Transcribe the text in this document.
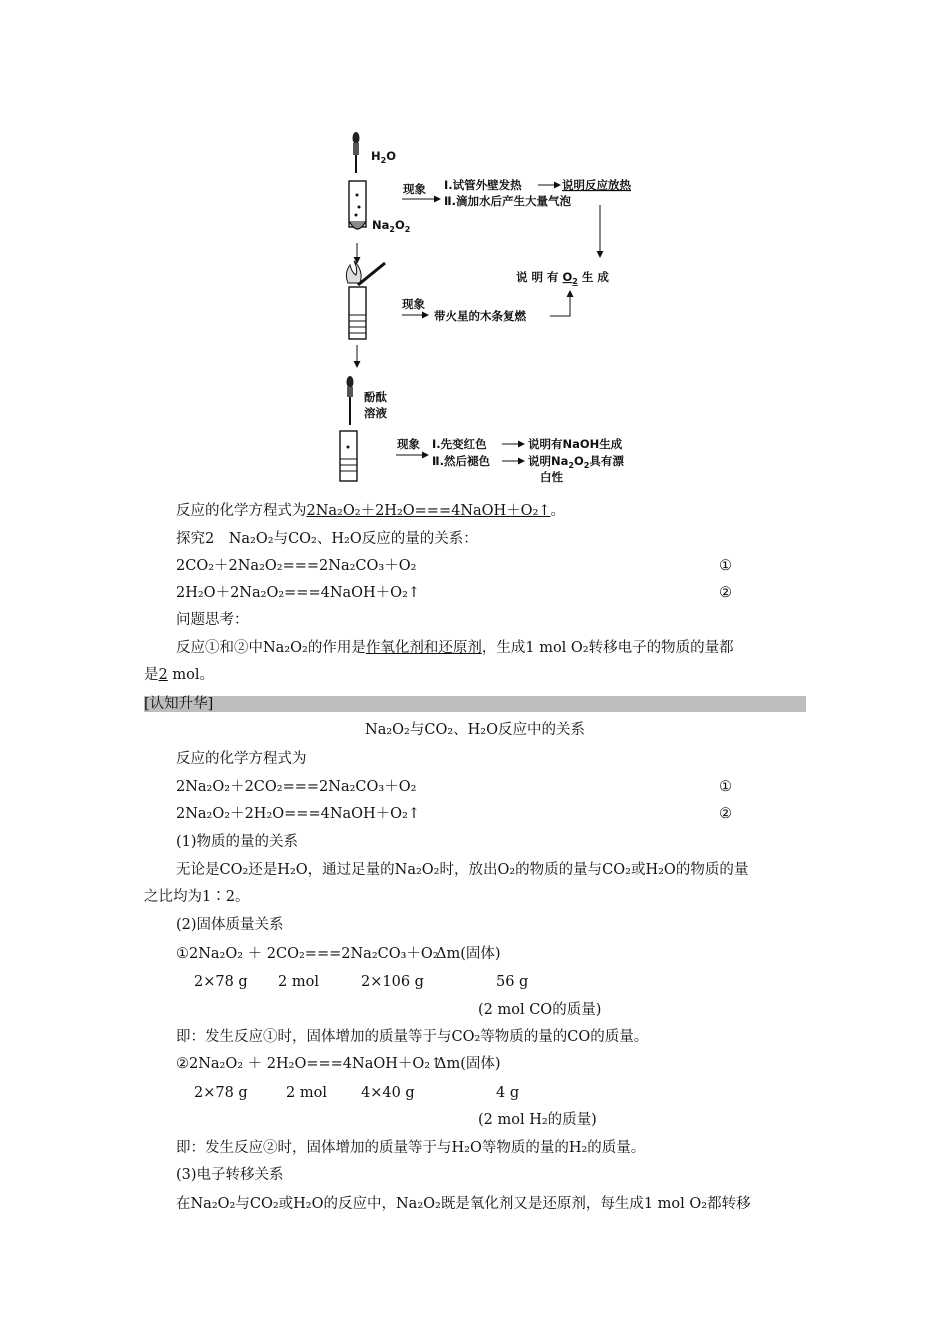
$H_2O$
$Na_2O_2$
现象 Ⅰ.试管外壁发热	说明反应放热
Ⅱ.滴加水后产生大量气泡
说 明 有 $O_2$ 生 成
现象
带火星的木条复燃
酚酞
溶液
现象 Ⅰ.先变红色	说明有NaOH生成
Ⅱ.然后褪色	说明$Na_2O_2$具有漂
白性
反应的化学方程式为2Na₂O₂＋2H₂O===4NaOH＋O₂↑。
探究2　Na₂O₂与CO₂、H₂O反应的量的关系：
2CO₂＋2Na₂O₂===2Na₂CO₃＋O₂	①
2H₂O＋2Na₂O₂===4NaOH＋O₂↑	②
问题思考：
反应①和②中Na₂O₂的作用是作氧化剂和还原剂，生成1 mol O₂转移电子的物质的量都
是2 mol。
[认知升华]
Na₂O₂与CO₂、H₂O反应中的关系
反应的化学方程式为
2Na₂O₂＋2CO₂===2Na₂CO₃＋O₂	①
2Na₂O₂＋2H₂O===4NaOH＋O₂↑	②
(1)物质的量的关系
无论是CO₂还是H₂O，通过足量的Na₂O₂时，放出O₂的物质的量与CO₂或H₂O的物质的量
之比均为1∶2。
(2)固体质量关系
①2Na₂O₂ ＋ 2CO₂===2Na₂CO₃＋O₂
Δm(固体)
2×78 g 2 mol	2×106 g	56 g
(2 mol CO的质量)
即：发生反应①时，固体增加的质量等于与CO₂等物质的量的CO的质量。
②2Na₂O₂ ＋ 2H₂O===4NaOH＋O₂↑
Δm(固体)
2×78 g	2 mol 4×40 g	4 g
(2 mol H₂的质量)
即：发生反应②时，固体增加的质量等于与H₂O等物质的量的H₂的质量。
(3)电子转移关系
在Na₂O₂与CO₂或H₂O的反应中，Na₂O₂既是氧化剂又是还原剂，每生成1 mol O₂都转移
